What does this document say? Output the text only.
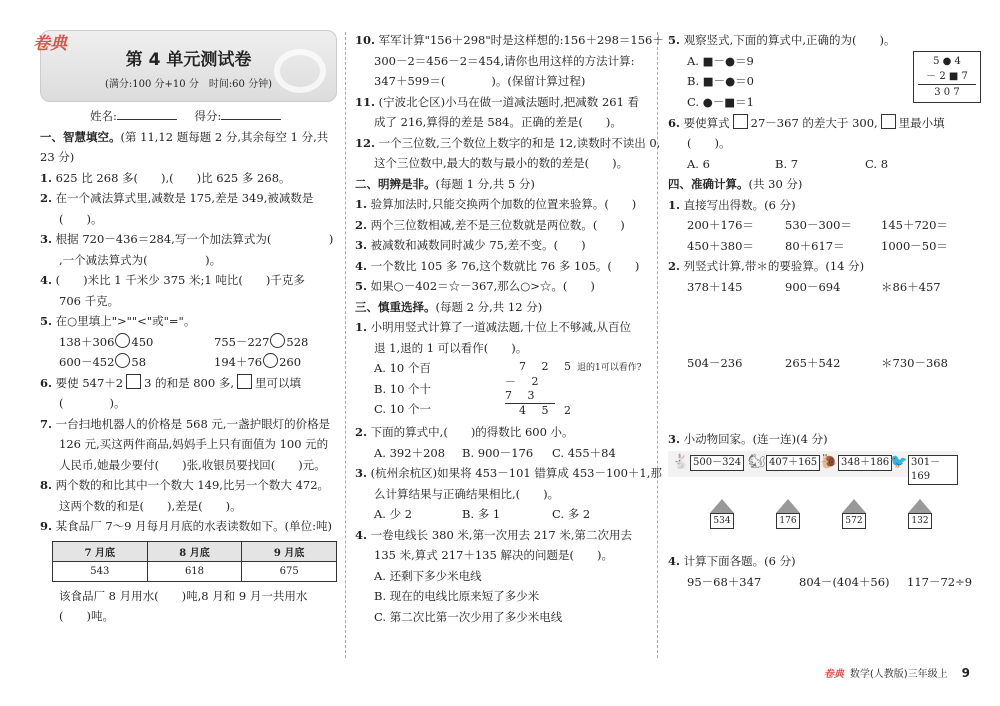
卷典
第 4 单元测试卷
(满分:100 分+10 分　时间:60 分钟)
姓名:	得分:
一、智慧填空。(第 11,12 题每题 2 分,其余每空 1 分,共
23 分)
1. 625 比 268 多(　　),(　　)比 625 多 268。
2. 在一个减法算式里,减数是 175,差是 349,被减数是
(　　)。
3. 根据 720－436＝284,写一个加法算式为(　　　　　)
,一个减法算式为(　　　　　)。
4. (　　)米比 1 千米少 375 米;1 吨比(　　)千克多
706 千克。
5. 在○里填上">""<"或"="。
138＋306 450	755－227 528
600－452 58	194＋76 260
6. 要使 547＋2 3 的和是 800 多, 里可以填
(　　　　)。
7. 一台扫地机器人的价格是 568 元,一盏护眼灯的价格是
126 元,买这两件商品,妈妈手上只有面值为 100 元的
人民币,她最少要付(　　)张,收银员要找回(　　)元。
8. 两个数的和比其中一个数大 149,比另一个数大 472。
这两个数的和是(　　),差是(　　)。
9. 某食品厂 7～9 月每月月底的水表读数如下。(单位:吨)
7 月底	8 月底	9 月底
543	618	675
该食品厂 8 月用水(　　)吨,8 月和 9 月一共用水
(　　)吨。
10. 军军计算"156＋298"时是这样想的:156＋298＝156＋
300－2＝456－2＝454,请你也用这样的方法计算:
347＋599＝(　　　　)。(保留计算过程)
11. (宁波北仑区)小马在做一道减法题时,把减数 261 看
成了 216,算得的差是 584。正确的差是(　　)。
12. 一个三位数,三个数位上数字的和是 12,读数时不读出 0,
这个三位数中,最大的数与最小的数的差是(　　)。
二、明辨是非。(每题 1 分,共 5 分)
1. 验算加法时,只能交换两个加数的位置来验算。(　　)
2. 两个三位数相减,差不是三位数就是两位数。(　　)
3. 被减数和减数同时减少 75,差不变。(　　)
4. 一个数比 105 多 76,这个数就比 76 多 105。(　　)
5. 如果○－402＝☆－367,那么○>☆。(　　)
三、慎重选择。(每题 2 分,共 12 分)
1. 小明用竖式计算了一道减法题,十位上不够减,从百位
退 1,退的 1 可以看作(　　)。
A. 10 个百
B. 10 个十
C. 10 个一
7 2 5退的1可以看作?
－ 2 7 3
4 5 2
2. 下面的算式中,(　　)的得数比 600 小。
A. 392＋208 B. 900－176 C. 455＋84
3. (杭州余杭区)如果将 453－101 错算成 453－100＋1,那
么计算结果与正确结果相比,(　　)。
A. 少 2	B. 多 1	C. 多 2
4. 一卷电线长 380 米,第一次用去 217 米,第二次用去
135 米,算式 217＋135 解决的问题是(　　)。
A. 还剩下多少米电线
B. 现在的电线比原来短了多少米
C. 第二次比第一次少用了多少米电线
5. 观察竖式,下面的算式中,正确的为(　　)。
A. ■－●＝9
B. ■－●＝0
C. ●－■＝1
5 ● 4
－ 2 ■ 7
3 0 7
6. 要使算式 27－367 的差大于 300, 里最小填
(　　)。
A. 6	B. 7	C. 8
四、准确计算。(共 30 分)
1. 直接写出得数。(6 分)
200＋176＝	530－300＝	145＋720＝
450＋380＝	80＋617＝	1000－50＝
2. 列竖式计算,带＊的要验算。(14 分)
378＋145	900－694	＊86＋457
504－236	265＋542	＊730－368
3. 小动物回家。(连一连)(4 分)
🐇 500－324 🐿 407＋165 🐌 348＋186 🐦 301－169
534	176	572	132
4. 计算下面各题。(6 分)
95－68＋347	804－(404＋56) 117－72÷9
卷典 数学(人教版)三年级上 9
